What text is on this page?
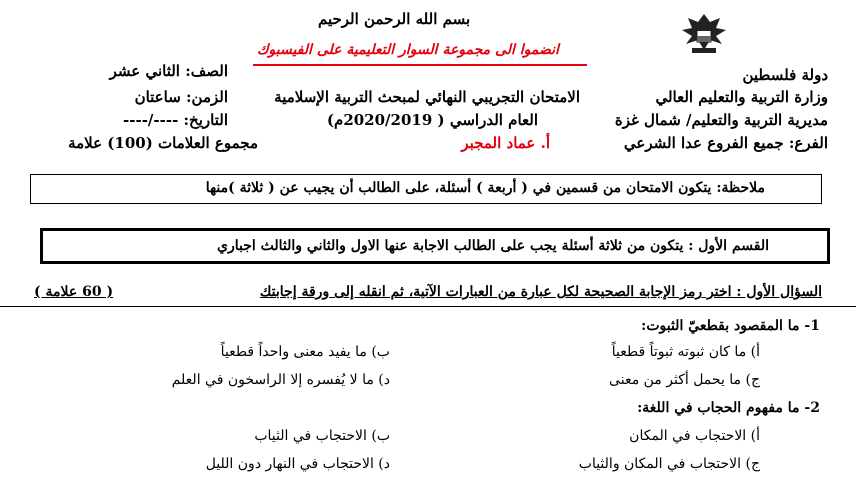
بسم الله الرحمن الرحيم
انضموا الى مجموعة السوار التعليمية على الفيسبوك
دولة فلسطين
وزارة التربية والتعليم العالي
مديرية التربية والتعليم/ شمال غزة
الفرع: جميع الفروع عدا الشرعي
الامتحان التجريبي النهائي لمبحث التربية الإسلامية
العام الدراسي ( 2020/2019م)
أ. عماد المجبر
الصف: الثاني عشر
الزمن: ساعتان
التاريخ: ----/----
مجموع العلامات (100) علامة
ملاحظة: يتكون الامتحان من قسمين في ( أربعة ) أسئلة، على الطالب أن يجيب عن ( ثلاثة )منها
القسم الأول : يتكون من ثلاثة أسئلة يجب على الطالب الاجابة عنها الاول والثاني والثالث اجباري
السؤال الأول : اختر رمز الإجابة الصحيحة لكل عبارة من العبارات الآتية، ثم انقله إلى ورقة إجابتك
( 60 علامة )
1- ما المقصود بقطعيّ الثبوت:
أ) ما كان ثبوته ثبوتاً قطعياً
ب) ما يفيد معنى واحداً قطعياً
ج) ما يحمل أكثر من معنى
د) ما لا يُفسره إلا الراسخون في العلم
2- ما مفهوم الحجاب في اللغة:
أ) الاحتجاب في المكان
ب) الاحتجاب في الثياب
ج) الاحتجاب في المكان والثياب
د) الاحتجاب في النهار دون الليل
